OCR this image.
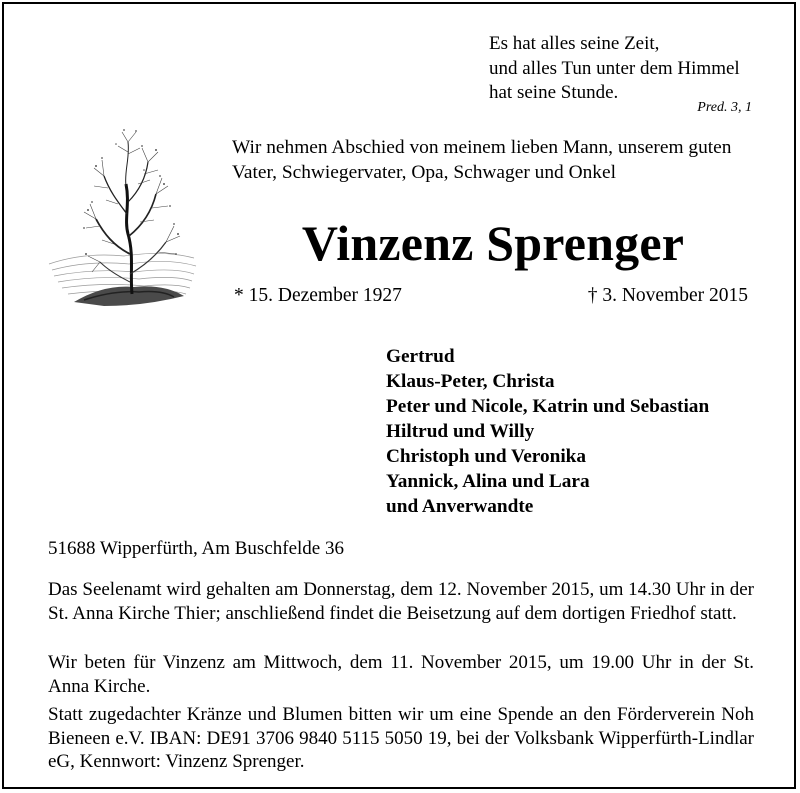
Es hat alles seine Zeit,
und alles Tun unter dem Himmel
hat seine Stunde.
Pred. 3, 1
Wir nehmen Abschied von meinem lieben Mann, unserem guten Vater, Schwiegervater, Opa, Schwager und Onkel
Vinzenz Sprenger
* 15. Dezember 1927	† 3. November 2015
Gertrud
Klaus-Peter, Christa
Peter und Nicole, Katrin und Sebastian
Hiltrud und Willy
Christoph und Veronika
Yannick, Alina und Lara
und Anverwandte
51688 Wipperfürth, Am Buschfelde 36
Das Seelenamt wird gehalten am Donnerstag, dem 12. November 2015, um 14.30 Uhr in der St. Anna Kirche Thier; anschließend findet die Beisetzung auf dem dortigen Friedhof statt.
Wir beten für Vinzenz am Mittwoch, dem 11. November 2015, um 19.00 Uhr in der St. Anna Kirche.
Statt zugedachter Kränze und Blumen bitten wir um eine Spende an den Förderverein Noh Bieneen e.V. IBAN: DE91 3706 9840 5115 5050 19, bei der Volksbank Wipperfürth-Lindlar eG, Kennwort: Vinzenz Sprenger.
